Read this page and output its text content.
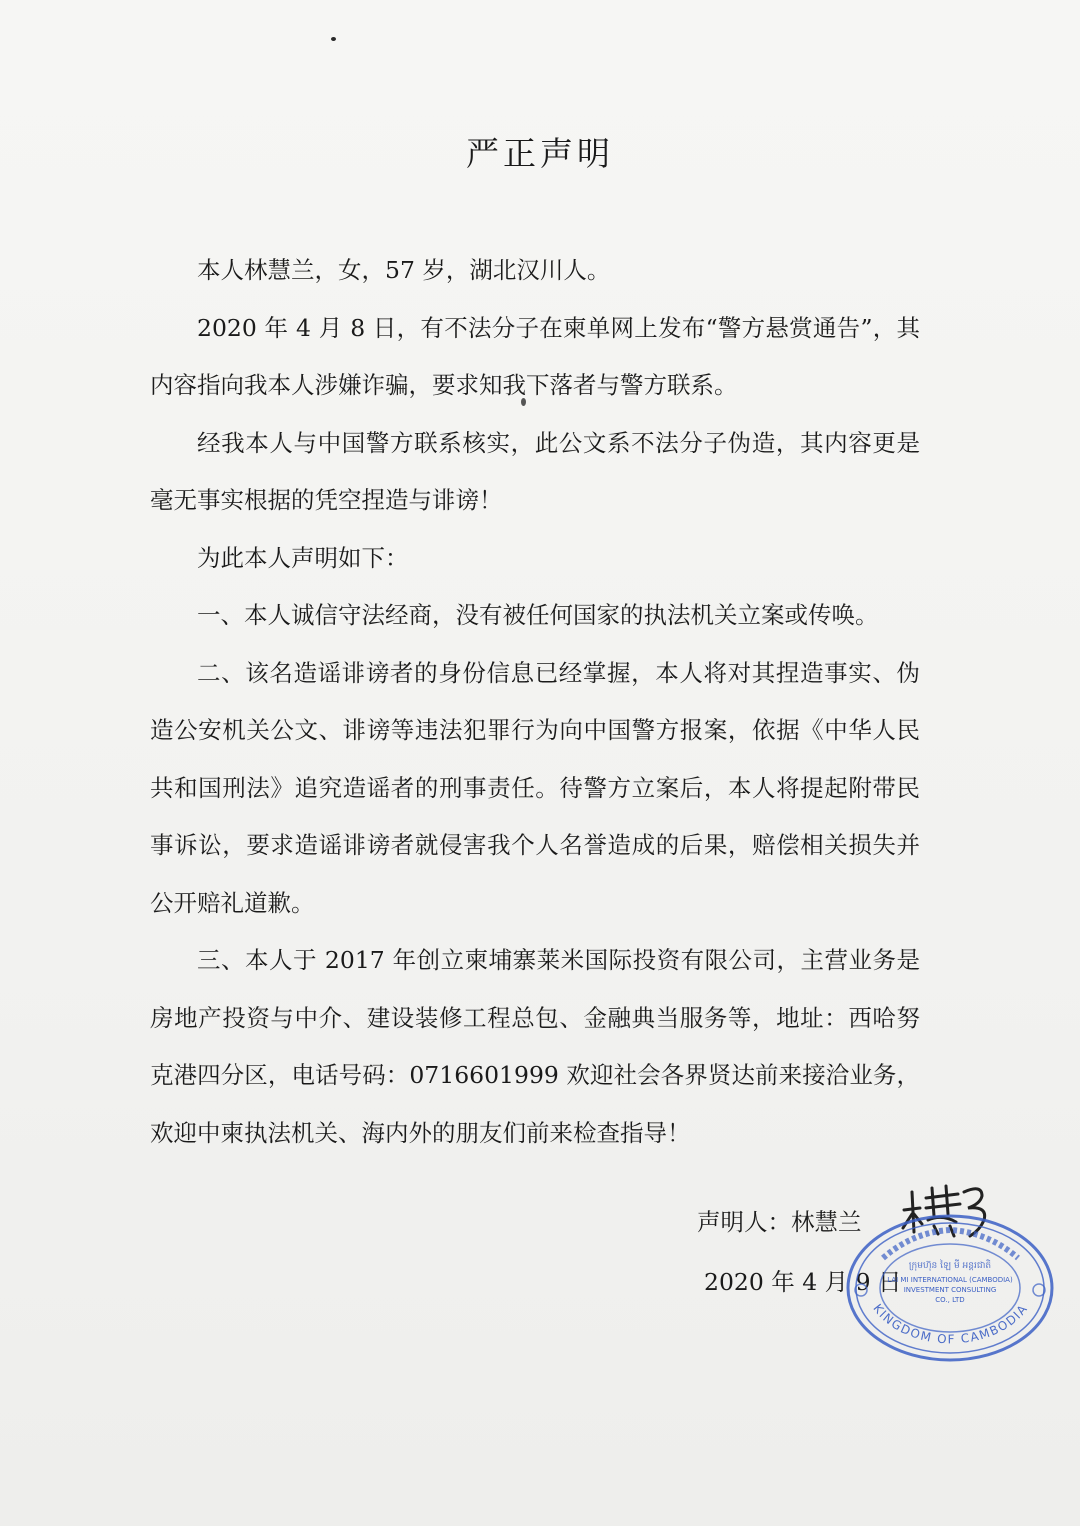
严正声明

本人林慧兰，女，57 岁，湖北汉川人。

2020 年 4 月 8 日，有不法分子在柬单网上发布“警方悬赏通告”，其内容指向我本人涉嫌诈骗，要求知我下落者与警方联系。

经我本人与中国警方联系核实，此公文系不法分子伪造，其内容更是毫无事实根据的凭空捏造与诽谤！

为此本人声明如下：

一、本人诚信守法经商，没有被任何国家的执法机关立案或传唤。

二、该名造谣诽谤者的身份信息已经掌握，本人将对其捏造事实、伪造公安机关公文、诽谤等违法犯罪行为向中国警方报案，依据《中华人民共和国刑法》追究造谣者的刑事责任。待警方立案后，本人将提起附带民事诉讼，要求造谣诽谤者就侵害我个人名誉造成的后果，赔偿相关损失并公开赔礼道歉。

三、本人于 2017 年创立柬埔寨莱米国际投资有限公司，主营业务是房地产投资与中介、建设装修工程总包、金融典当服务等，地址：西哈努克港四分区，电话号码：0716601999 欢迎社会各界贤达前来接洽业务，欢迎中柬执法机关、海内外的朋友们前来检查指导！

声明人：林慧兰
2020 年 4 月 9 日
ក្រុមហ៊ុន ឡៃ មី អន្តរជាតិ
LAI MI INTERNATIONAL (CAMBODIA)
INVESTMENT CONSULTING
CO., LTD
KINGDOM OF CAMBODIA
